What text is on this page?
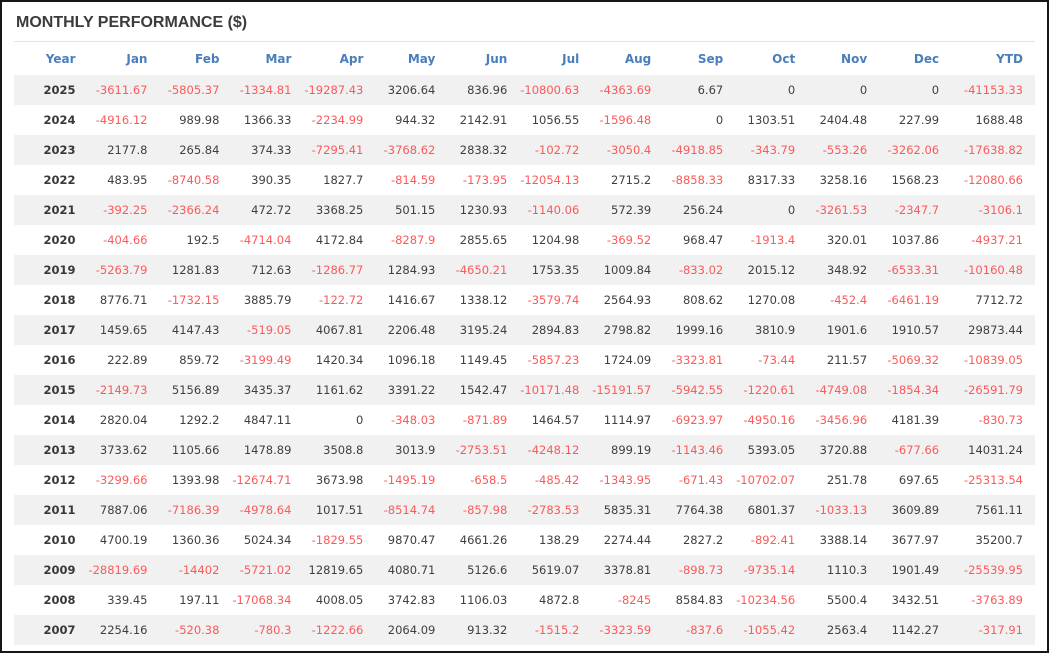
MONTHLY PERFORMANCE ($)
Year	Jan	Feb	Mar	Apr	May	Jun	Jul	Aug	Sep	Oct	Nov	Dec	YTD
2025	-3611.67	-5805.37	-1334.81	-19287.43	3206.64	836.96	-10800.63	-4363.69	6.67	0	0	0	-41153.33
2024	-4916.12	989.98	1366.33	-2234.99	944.32	2142.91	1056.55	-1596.48	0	1303.51	2404.48	227.99	1688.48
2023	2177.8	265.84	374.33	-7295.41	-3768.62	2838.32	-102.72	-3050.4	-4918.85	-343.79	-553.26	-3262.06	-17638.82
2022	483.95	-8740.58	390.35	1827.7	-814.59	-173.95	-12054.13	2715.2	-8858.33	8317.33	3258.16	1568.23	-12080.66
2021	-392.25	-2366.24	472.72	3368.25	501.15	1230.93	-1140.06	572.39	256.24	0	-3261.53	-2347.7	-3106.1
2020	-404.66	192.5	-4714.04	4172.84	-8287.9	2855.65	1204.98	-369.52	968.47	-1913.4	320.01	1037.86	-4937.21
2019	-5263.79	1281.83	712.63	-1286.77	1284.93	-4650.21	1753.35	1009.84	-833.02	2015.12	348.92	-6533.31	-10160.48
2018	8776.71	-1732.15	3885.79	-122.72	1416.67	1338.12	-3579.74	2564.93	808.62	1270.08	-452.4	-6461.19	7712.72
2017	1459.65	4147.43	-519.05	4067.81	2206.48	3195.24	2894.83	2798.82	1999.16	3810.9	1901.6	1910.57	29873.44
2016	222.89	859.72	-3199.49	1420.34	1096.18	1149.45	-5857.23	1724.09	-3323.81	-73.44	211.57	-5069.32	-10839.05
2015	-2149.73	5156.89	3435.37	1161.62	3391.22	1542.47	-10171.48	-15191.57	-5942.55	-1220.61	-4749.08	-1854.34	-26591.79
2014	2820.04	1292.2	4847.11	0	-348.03	-871.89	1464.57	1114.97	-6923.97	-4950.16	-3456.96	4181.39	-830.73
2013	3733.62	1105.66	1478.89	3508.8	3013.9	-2753.51	-4248.12	899.19	-1143.46	5393.05	3720.88	-677.66	14031.24
2012	-3299.66	1393.98	-12674.71	3673.98	-1495.19	-658.5	-485.42	-1343.95	-671.43	-10702.07	251.78	697.65	-25313.54
2011	7887.06	-7186.39	-4978.64	1017.51	-8514.74	-857.98	-2783.53	5835.31	7764.38	6801.37	-1033.13	3609.89	7561.11
2010	4700.19	1360.36	5024.34	-1829.55	9870.47	4661.26	138.29	2274.44	2827.2	-892.41	3388.14	3677.97	35200.7
2009	-28819.69	-14402	-5721.02	12819.65	4080.71	5126.6	5619.07	3378.81	-898.73	-9735.14	1110.3	1901.49	-25539.95
2008	339.45	197.11	-17068.34	4008.05	3742.83	1106.03	4872.8	-8245	8584.83	-10234.56	5500.4	3432.51	-3763.89
2007	2254.16	-520.38	-780.3	-1222.66	2064.09	913.32	-1515.2	-3323.59	-837.6	-1055.42	2563.4	1142.27	-317.91
